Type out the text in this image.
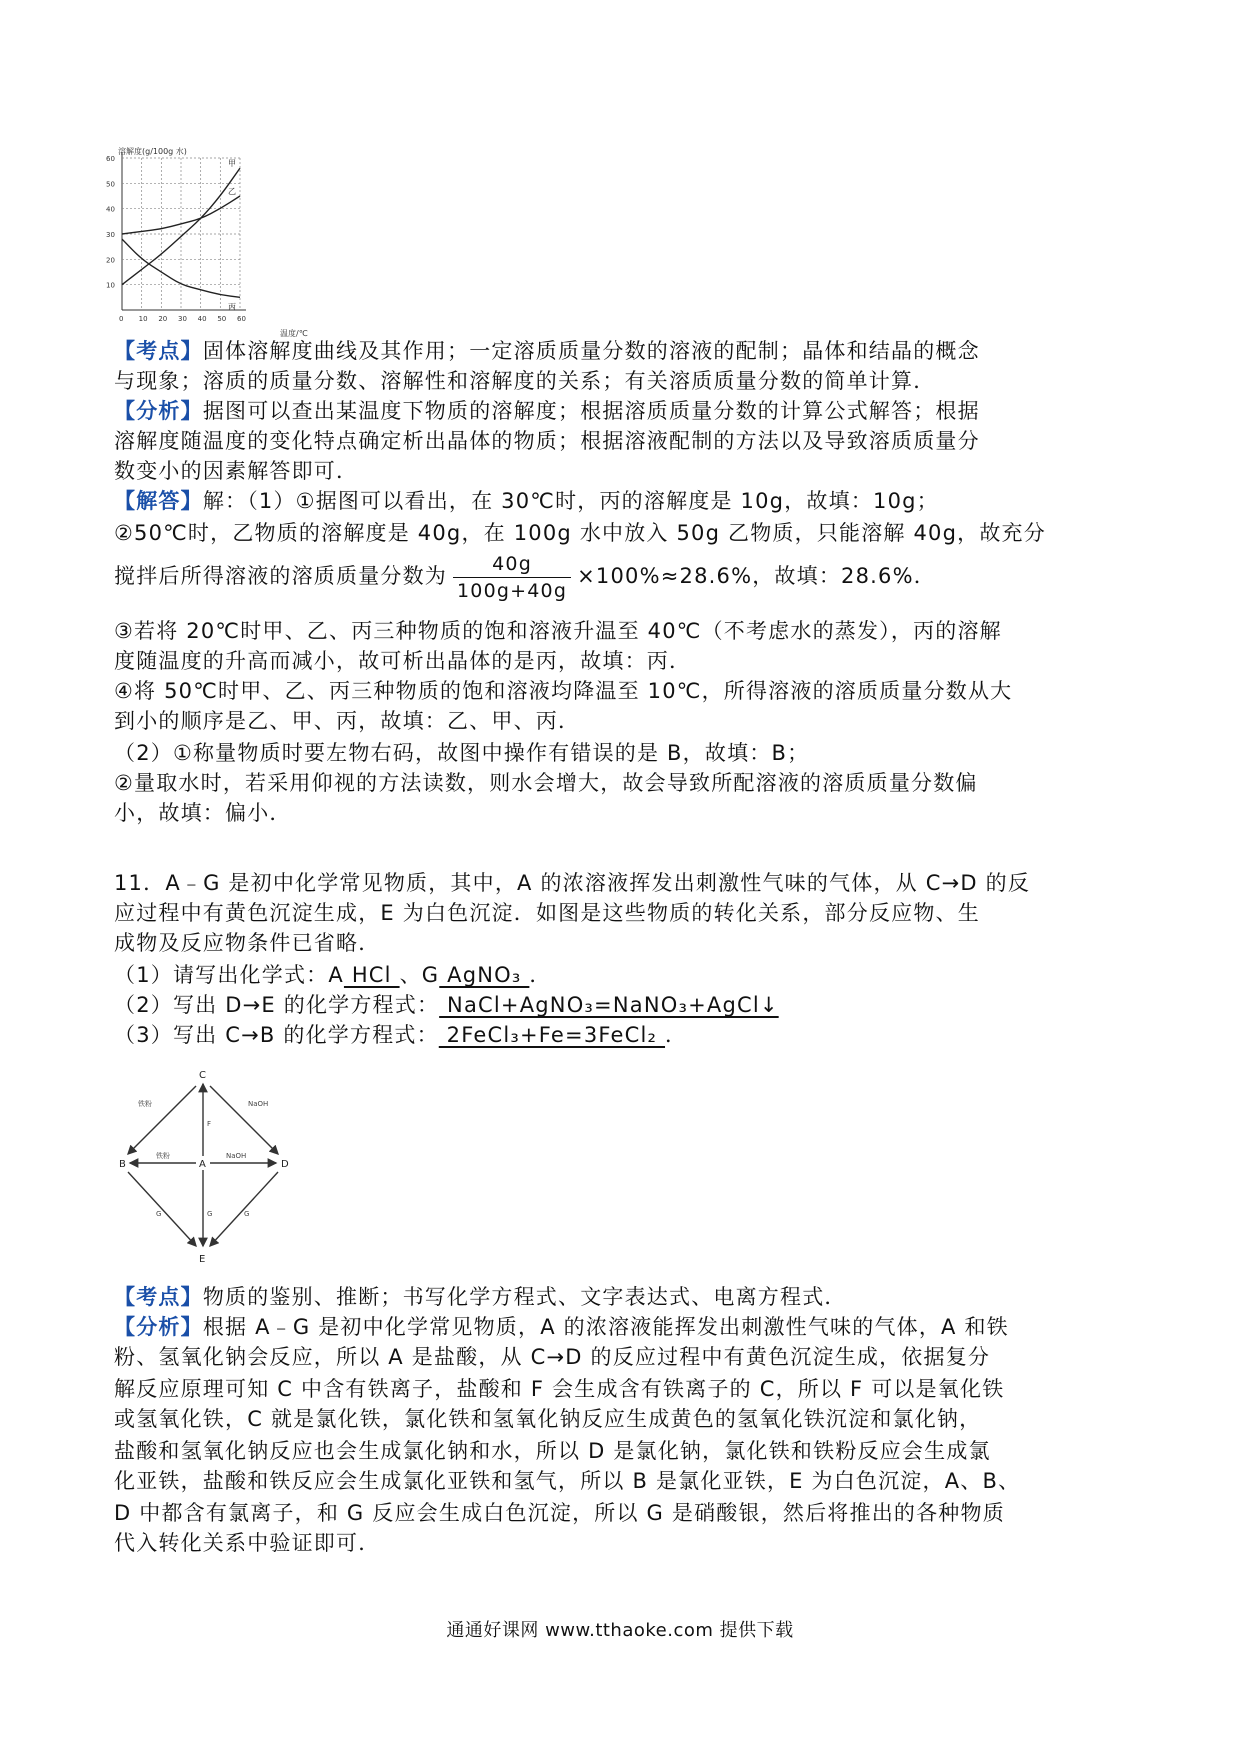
甲
乙
丙
0 10 20 30 40 50 60
10
20
30
40
50
60
溶解度(g/100g 水)
温度/℃
【考点】固体溶解度曲线及其作用；一定溶质质量分数的溶液的配制；晶体和结晶的概念
与现象；溶质的质量分数、溶解性和溶解度的关系；有关溶质质量分数的简单计算．
【分析】据图可以查出某温度下物质的溶解度；根据溶质质量分数的计算公式解答；根据
溶解度随温度的变化特点确定析出晶体的物质；根据溶液配制的方法以及导致溶质质量分
数变小的因素解答即可．
【解答】解：（1）①据图可以看出，在 30℃时，丙的溶解度是 10g，故填：10g；
②50℃时，乙物质的溶解度是 40g，在 100g 水中放入 50g 乙物质，只能溶解 40g，故充分
搅拌后所得溶液的溶质质量分数为 $\frac{40g}{100g+40g} \times 100\%\approx 28.6\%$，故填：28.6%．
③若将 20℃时甲、乙、丙三种物质的饱和溶液升温至 40℃（不考虑水的蒸发），丙的溶解
度随温度的升高而减小，故可析出晶体的是丙，故填：丙．
④将 50℃时甲、乙、丙三种物质的饱和溶液均降温至 10℃，所得溶液的溶质质量分数从大
到小的顺序是乙、甲、丙，故填：乙、甲、丙．
（2）①称量物质时要左物右码，故图中操作有错误的是 B，故填：B；
②量取水时，若采用仰视的方法读数，则水会增大，故会导致所配溶液的溶质质量分数偏
小，故填：偏小．
11．A﹣G 是初中化学常见物质，其中，A 的浓溶液挥发出刺激性气味的气体，从 C→D 的反
应过程中有黄色沉淀生成，E 为白色沉淀．如图是这些物质的转化关系，部分反应物、生
成物及反应物条件已省略．
（1）请写出化学式：A HCl 、G AgNO₃ ．
（2）写出 D→E 的化学方程式： NaCl+AgNO₃=NaNO₃+AgCl↓
（3）写出 C→B 的化学方程式： 2FeCl₃+Fe=3FeCl₂ ．
C
B	A	D
E
铁粉	NaOH
铁粉	NaOH
F
G	G
G
【考点】物质的鉴别、推断；书写化学方程式、文字表达式、电离方程式．
【分析】根据 A﹣G 是初中化学常见物质，A 的浓溶液能挥发出刺激性气味的气体，A 和铁
粉、氢氧化钠会反应，所以 A 是盐酸，从 C→D 的反应过程中有黄色沉淀生成，依据复分
解反应原理可知 C 中含有铁离子，盐酸和 F 会生成含有铁离子的 C，所以 F 可以是氧化铁
或氢氧化铁，C 就是氯化铁，氯化铁和氢氧化钠反应生成黄色的氢氧化铁沉淀和氯化钠，
盐酸和氢氧化钠反应也会生成氯化钠和水，所以 D 是氯化钠，氯化铁和铁粉反应会生成氯
化亚铁，盐酸和铁反应会生成氯化亚铁和氢气，所以 B 是氯化亚铁，E 为白色沉淀，A、B、
D 中都含有氯离子，和 G 反应会生成白色沉淀，所以 G 是硝酸银，然后将推出的各种物质
代入转化关系中验证即可．
通通好课网 www.tthaoke.com 提供下载
